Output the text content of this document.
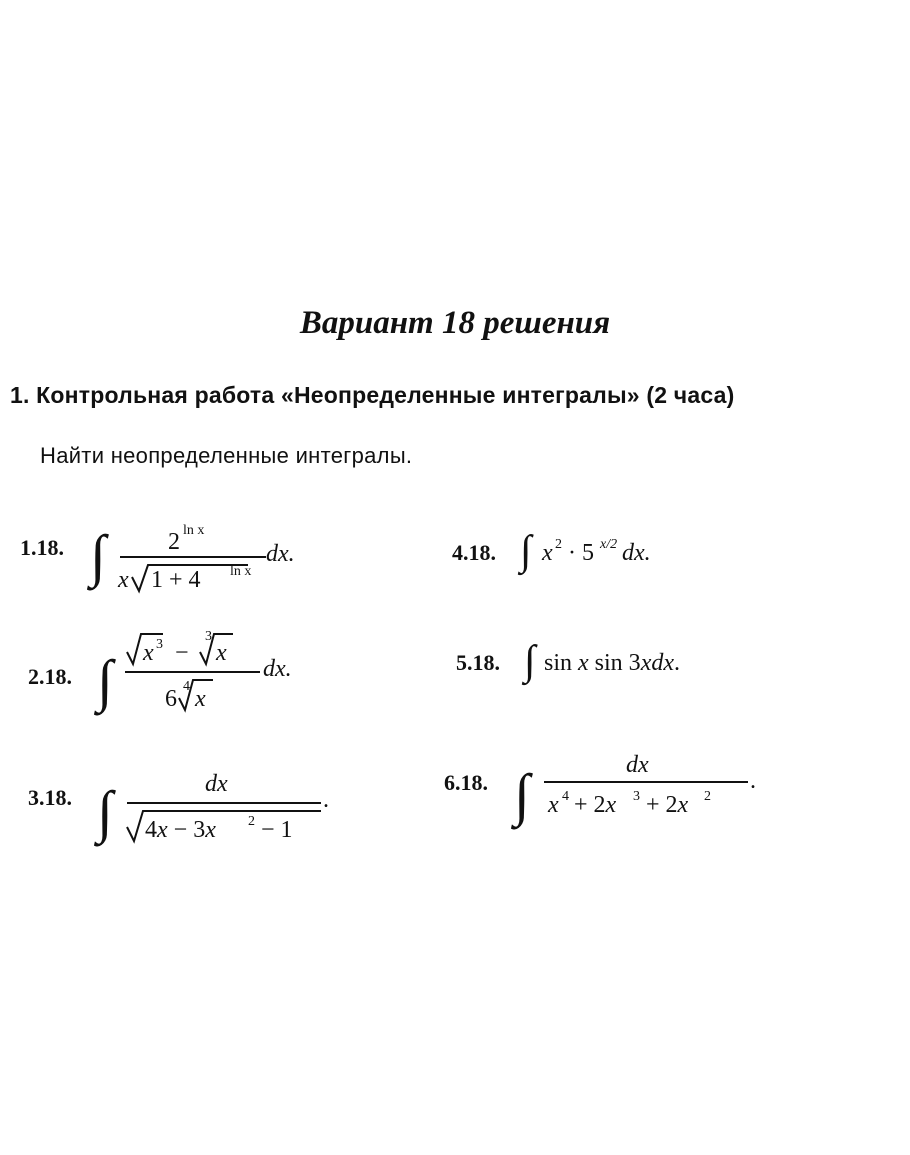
Вариант 18 решения
1. Контрольная работа «Неопределенные интегралы» (2 часа)
Найти неопределенные интегралы.
1.18. ∫	2 ln x
x 1 + 4 ln x
dx.
2.18. ∫ x 3 −
3
x
6 4 x
dx.
3.18. ∫	dx
4x − 3x 2 − 1
.
4.18. ∫ x 2 · 5 x/2 dx.
5.18. ∫ sin x sin 3xdx.
6.18. ∫	dx
x 4 + 2x 3 + 2x 2
.
